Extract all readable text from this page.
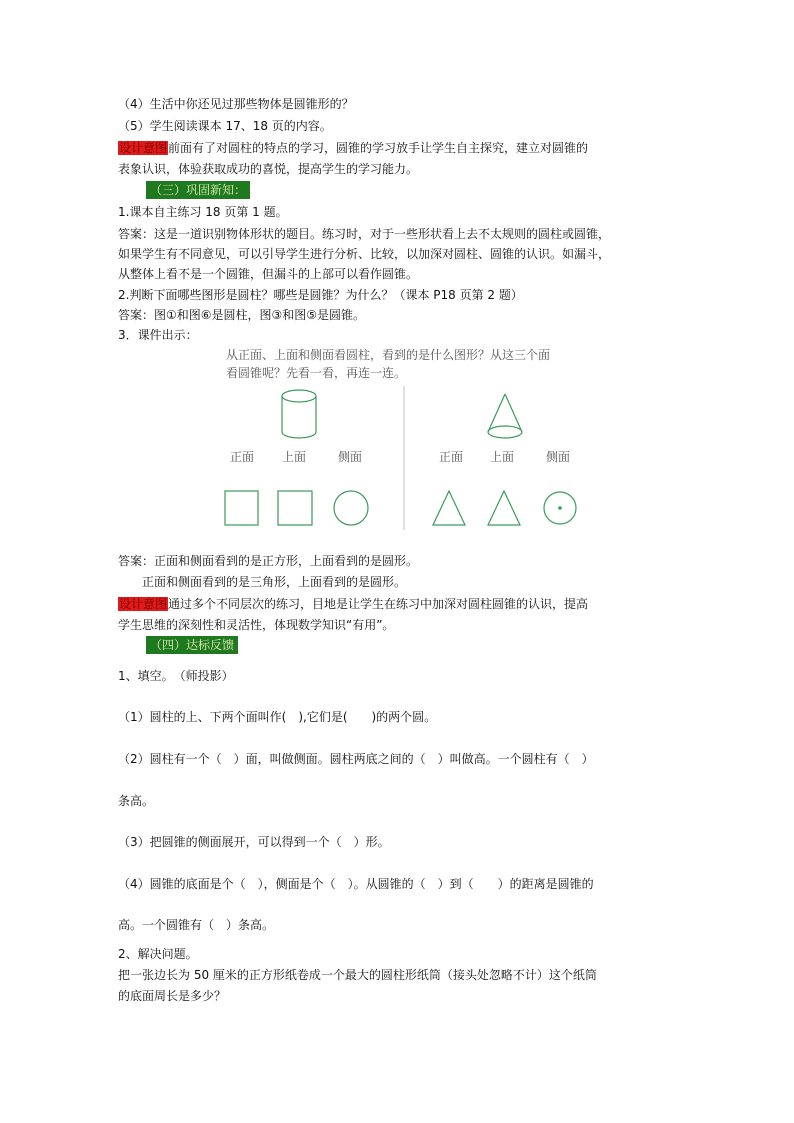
（4）生活中你还见过那些物体是圆锥形的？
（5）学生阅读课本 17、18 页的内容。
设计意图前面有了对圆柱的特点的学习，圆锥的学习放手让学生自主探究，建立对圆锥的
表象认识，体验获取成功的喜悦，提高学生的学习能力。
（三）巩固新知：
1.课本自主练习 18 页第 1 题。
答案：这是一道识别物体形状的题目。练习时，对于一些形状看上去不太规则的圆柱或圆锥，
如果学生有不同意见，可以引导学生进行分析、比较，以加深对圆柱、圆锥的认识。如漏斗，
从整体上看不是一个圆锥，但漏斗的上部可以看作圆锥。
2.判断下面哪些图形是圆柱？哪些是圆锥？为什么？（课本 P18 页第 2 题）
答案：图①和图⑥是圆柱，图③和图⑤是圆锥。
3．课件出示：
从正面、上面和侧面看圆柱，看到的是什么图形？从这三个面
看圆锥呢？先看一看，再连一连。
正面 上面	侧面	正面 上面	侧面
答案：正面和侧面看到的是正方形，上面看到的是圆形。
正面和侧面看到的是三角形，上面看到的是圆形。
设计意图通过多个不同层次的练习，目地是让学生在练习中加深对圆柱圆锥的认识，提高
学生思维的深刻性和灵活性，体现数学知识“有用”。
（四）达标反馈
1、填空。　（师投影）
（1）圆柱的上、下两个面叫作(　),它们是(　　)的两个圆。
（2）圆柱有一个（　）面，叫做侧面。圆柱两底之间的（　）叫做高。一个圆柱有（　）
条高。
（3）把圆锥的侧面展开，可以得到一个（　）形。
（4）圆锥的底面是个（　），侧面是个（　）。从圆锥的（　）到（　　）的距离是圆锥的
高。一个圆锥有（　）条高。
2、解决问题。
把一张边长为 50 厘米的正方形纸卷成一个最大的圆柱形纸筒（接头处忽略不计）这个纸筒
的底面周长是多少？
